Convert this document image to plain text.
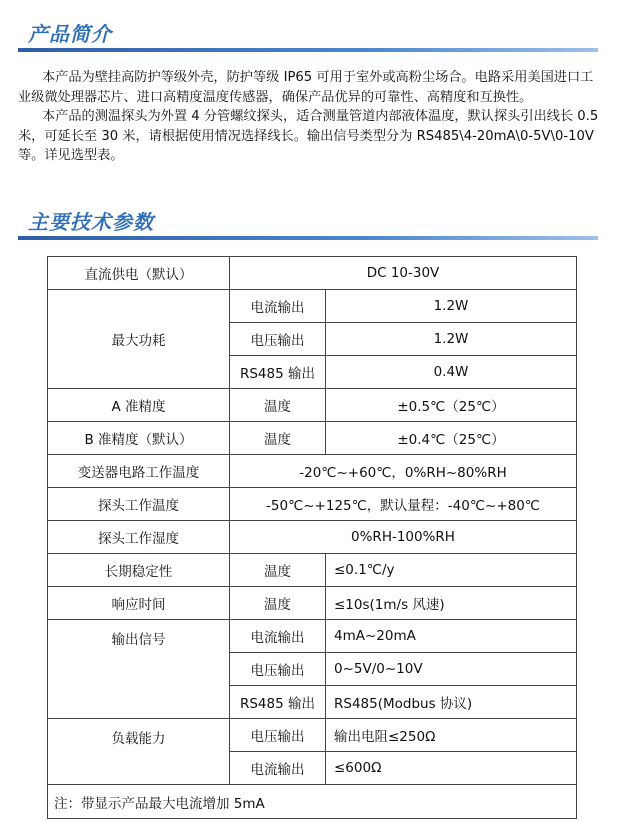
产品简介

本产品为壁挂高防护等级外壳，防护等级 IP65 可用于室外或高粉尘场合。电路采用美国进口工业级微处理器芯片、进口高精度温度传感器，确保产品优异的可靠性、高精度和互换性。

本产品的测温探头为外置 4 分管螺纹探头，适合测量管道内部液体温度，默认探头引出线长 0.5 米，可延长至 30 米，请根据使用情况选择线长。输出信号类型分为 RS485\4-20mA\0-5V\0-10V 等。详见选型表。

主要技术参数
直流供电（默认）	DC 10-30V	
最大功耗	电流输出	1.2W
	电压输出	1.2W
	RS485 输出	0.4W
A 准精度	温度	±0.5℃（25℃）
B 准精度（默认）	温度	±0.4℃（25℃）
变送器电路工作温度	-20℃~+60℃，0%RH~80%RH	
探头工作温度	-50℃~+125℃，默认量程：-40℃~+80℃	
探头工作湿度	0%RH-100%RH	
长期稳定性	温度	≤0.1℃/y
响应时间	温度	≤10s(1m/s 风速)
输出信号	电流输出	4mA~20mA
	电压输出	0~5V/0~10V
	RS485 输出	RS485(Modbus 协议)
负载能力	电压输出	输出电阻≤250Ω
	电流输出	≤600Ω
注：带显示产品最大电流增加 5mA		
